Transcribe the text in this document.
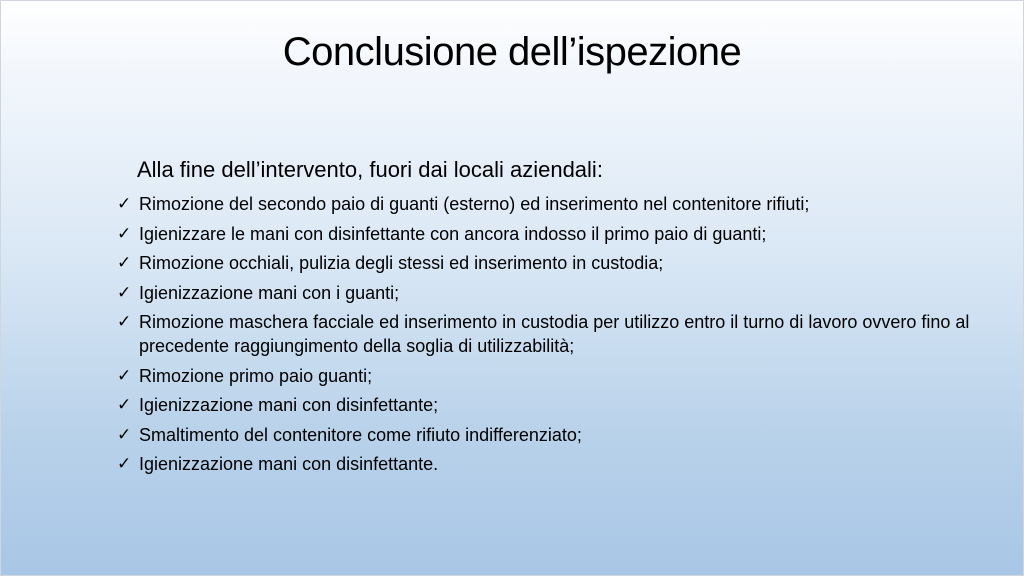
Conclusione dell’ispezione
Alla fine dell’intervento, fuori dai locali aziendali:
✓ Rimozione del secondo paio di guanti (esterno) ed inserimento nel contenitore rifiuti;
✓ Igienizzare le mani con disinfettante con ancora indosso il primo paio di guanti;
✓ Rimozione occhiali, pulizia degli stessi ed inserimento in custodia;
✓ Igienizzazione mani con i guanti;
✓ Rimozione maschera facciale ed inserimento in custodia per utilizzo entro il turno di lavoro ovvero fino al precedente raggiungimento della soglia di utilizzabilità;
✓ Rimozione primo paio guanti;
✓ Igienizzazione mani con disinfettante;
✓ Smaltimento del contenitore come rifiuto indifferenziato;
✓ Igienizzazione mani con disinfettante.
